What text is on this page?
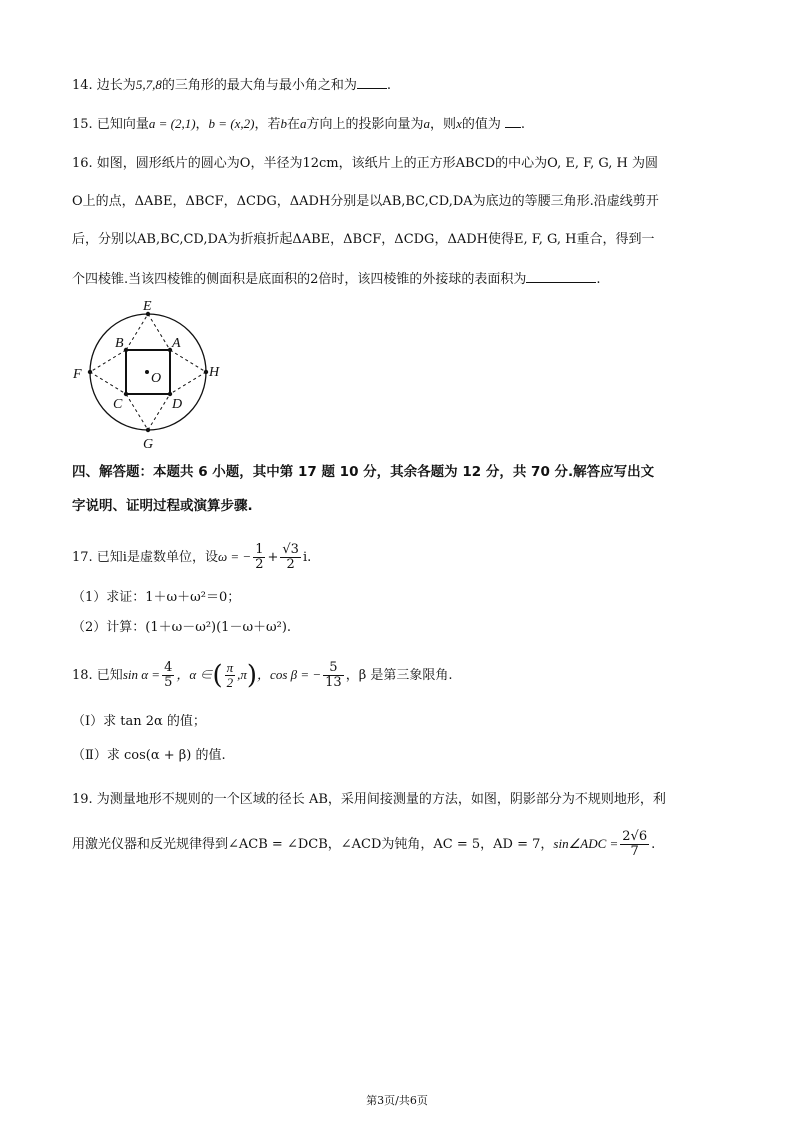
14. 边长为5,7,8的三角形的最大角与最小角之和为 .
15. 已知向量a = (2,1)，b = (x,2)，若b在a方向上的投影向量为a，则x的值为 .
16. 如图，圆形纸片的圆心为O，半径为12cm，该纸片上的正方形ABCD的中心为O, E, F, G, H 为圆
O上的点，ΔABE，ΔBCF，ΔCDG，ΔADH分别是以AB,BC,CD,DA为底边的等腰三角形.沿虚线剪开
后，分别以AB,BC,CD,DA为折痕折起ΔABE，ΔBCF，ΔCDG，ΔADH使得E, F, G, H重合，得到一
个四棱锥.当该四棱锥的侧面积是底面积的2倍时，该四棱锥的外接球的表面积为	.
E
F
G
H
A
B
C	D
O
四、解答题：本题共 6 小题，其中第 17 题 10 分，其余各题为 12 分，共 70 分.解答应写出文
字说明、证明过程或演算步骤.
17. 已知i是虚数单位，设ω = − $\frac{1}{2} + \frac{√3}{2} i$.
（1）求证：1＋ω＋ω²＝0；
（2）计算：(1＋ω－ω²)(1－ω＋ω²).
18. 已知$\sin \alpha = \frac{4}{5}$ ，α ∈( $\frac{\pi}{2} ,\pi$)，cos β = − $\frac{5}{13}$ ，β 是第三象限角.
（Ⅰ）求 tan 2α 的值；
（Ⅱ）求 cos(α + β) 的值.
19. 为测量地形不规则的一个区域的径长 AB，采用间接测量的方法，如图，阴影部分为不规则地形，利
用激光仪器和反光规律得到∠ACB = ∠DCB，∠ACD为钝角，AC = 5，AD = 7，sin∠ADC = $\frac{2√6}{7}$ .
第3页/共6页
